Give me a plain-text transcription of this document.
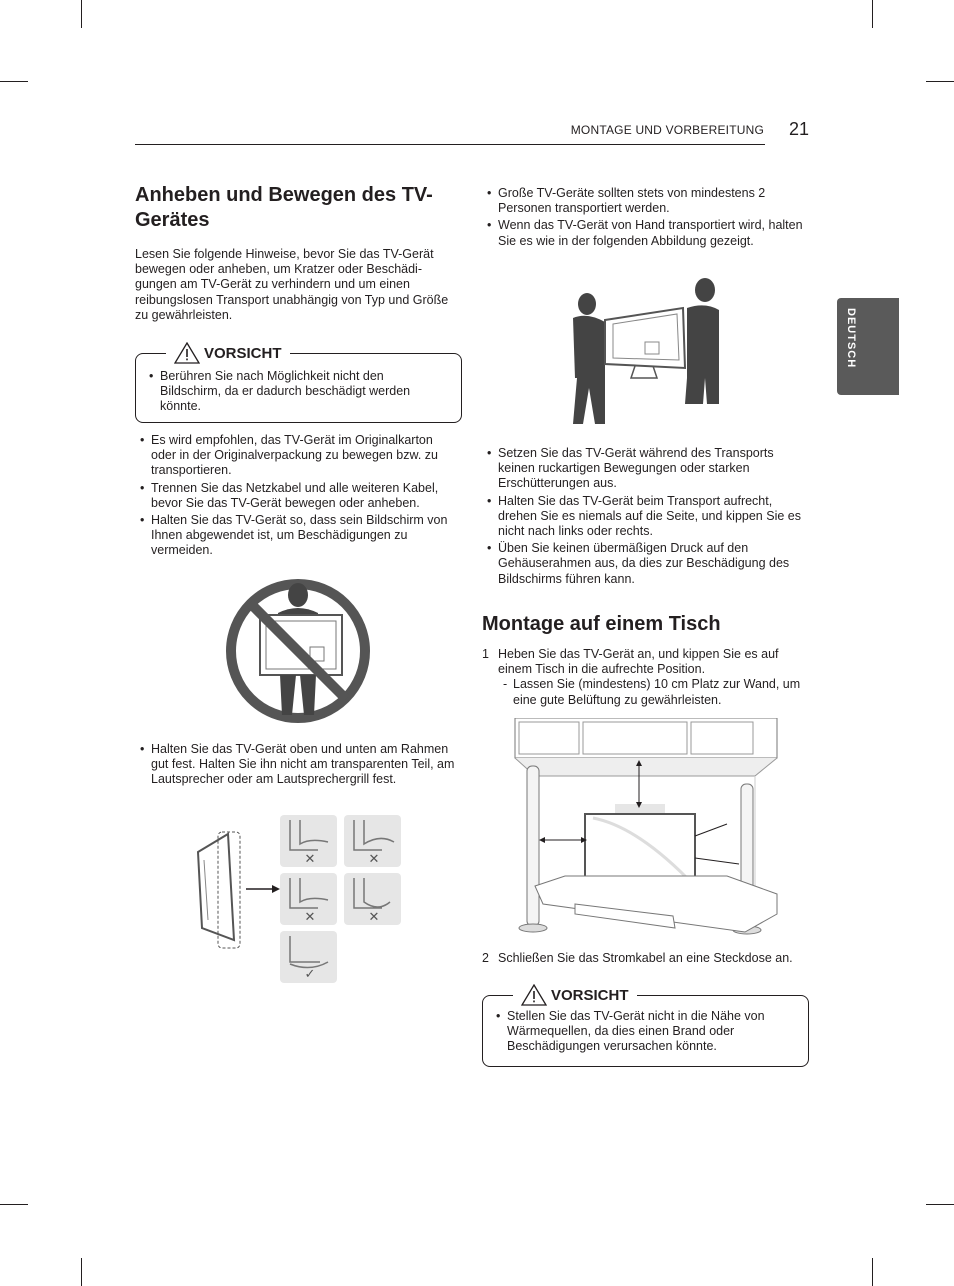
MONTAGE UND VORBEREITUNG 21
DEUTSCH
Anheben und Bewegen des TV-Gerätes
Lesen Sie folgende Hinweise, bevor Sie das TV-Gerät bewegen oder anheben, um Kratzer oder Beschädi-gungen am TV-Gerät zu verhindern und um einen reibungslosen Transport unabhängig von Typ und Größe zu gewährleisten.
VORSICHT
• Berühren Sie nach Möglichkeit nicht den Bildschirm, da er dadurch beschädigt werden könnte.
• Es wird empfohlen, das TV-Gerät im Originalkarton oder in der Originalverpackung zu bewegen bzw. zu transportieren.
• Trennen Sie das Netzkabel und alle weiteren Kabel, bevor Sie das TV-Gerät bewegen oder anheben.
• Halten Sie das TV-Gerät so, dass sein Bildschirm von Ihnen abgewendet ist, um Beschädigungen zu vermeiden.
• Halten Sie das TV-Gerät oben und unten am Rahmen gut fest. Halten Sie ihn nicht am transparenten Teil, am Lautsprecher oder am Lautsprechergrill fest.
✕	✕
✕	✕
✓
• Große TV-Geräte sollten stets von mindestens 2 Personen transportiert werden.
• Wenn das TV-Gerät von Hand transportiert wird, halten Sie es wie in der folgenden Abbildung gezeigt.
• Setzen Sie das TV-Gerät während des Transports keinen ruckartigen Bewegungen oder starken Erschütterungen aus.
• Halten Sie das TV-Gerät beim Transport aufrecht, drehen Sie es niemals auf die Seite, und kippen Sie es nicht nach links oder rechts.
• Üben Sie keinen übermäßigen Druck auf den Gehäuserahmen aus, da dies zur Beschädigung des Bildschirms führen kann.
Montage auf einem Tisch
1 Heben Sie das TV-Gerät an, und kippen Sie es auf einem Tisch in die aufrechte Position.
- Lassen Sie (mindestens) 10 cm Platz zur Wand, um eine gute Belüftung zu gewährleisten.
2 Schließen Sie das Stromkabel an eine Steckdose an.
VORSICHT
• Stellen Sie das TV-Gerät nicht in die Nähe von Wärmequellen, da dies einen Brand oder Beschädigungen verursachen könnte.
